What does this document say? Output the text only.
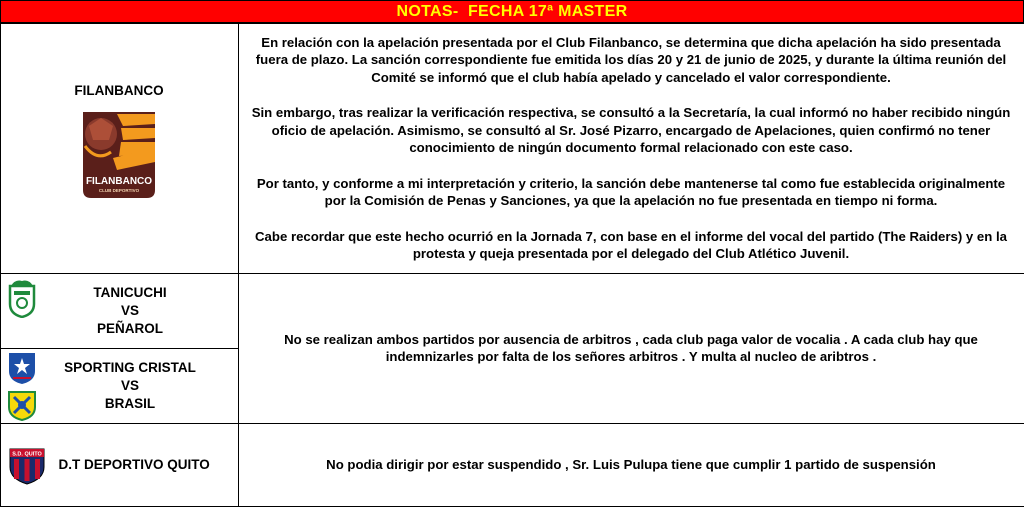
NOTAS-  FECHA 17ª MASTER
FILANBANCO
FILANBANCO
CLUB DEPORTIVO

En relación con la apelación presentada por el Club Filanbanco, se determina que dicha apelación ha sido presentada fuera de plazo. La sanción correspondiente fue emitida los días 20 y 21 de junio de 2025, y durante la última reunión del Comité se informó que el club había apelado y cancelado el valor correspondiente.

Sin embargo, tras realizar la verificación respectiva, se consultó a la Secretaría, la cual informó no haber recibido ningún oficio de apelación. Asimismo, se consultó al Sr. José Pizarro, encargado de Apelaciones, quien confirmó no tener conocimiento de ningún documento formal relacionado con este caso.

Por tanto, y conforme a mi interpretación y criterio, la sanción debe mantenerse tal como fue establecida originalmente por la Comisión de Penas y Sanciones, ya que la apelación no fue presentada en tiempo ni forma.

Cabe recordar que este hecho ocurrió en la Jornada 7, con base en el informe del vocal del partido (The Raiders) y en la protesta y queja presentada por el delegado del Club Atlético Juvenil.

TANICUCHI
VS
PEÑAROL

No se realizan ambos partidos por ausencia de arbitros , cada club paga valor de vocalia . A cada club hay que indemnizarles por falta de los señores arbitros . Y multa al nucleo de aribtros .

SPORTING CRISTAL
VS
BRASIL
S.D. QUITO
D.T DEPORTIVO QUITO	No podia dirigir por estar suspendido , Sr. Luis Pulupa tiene que cumplir 1 partido de suspensión
